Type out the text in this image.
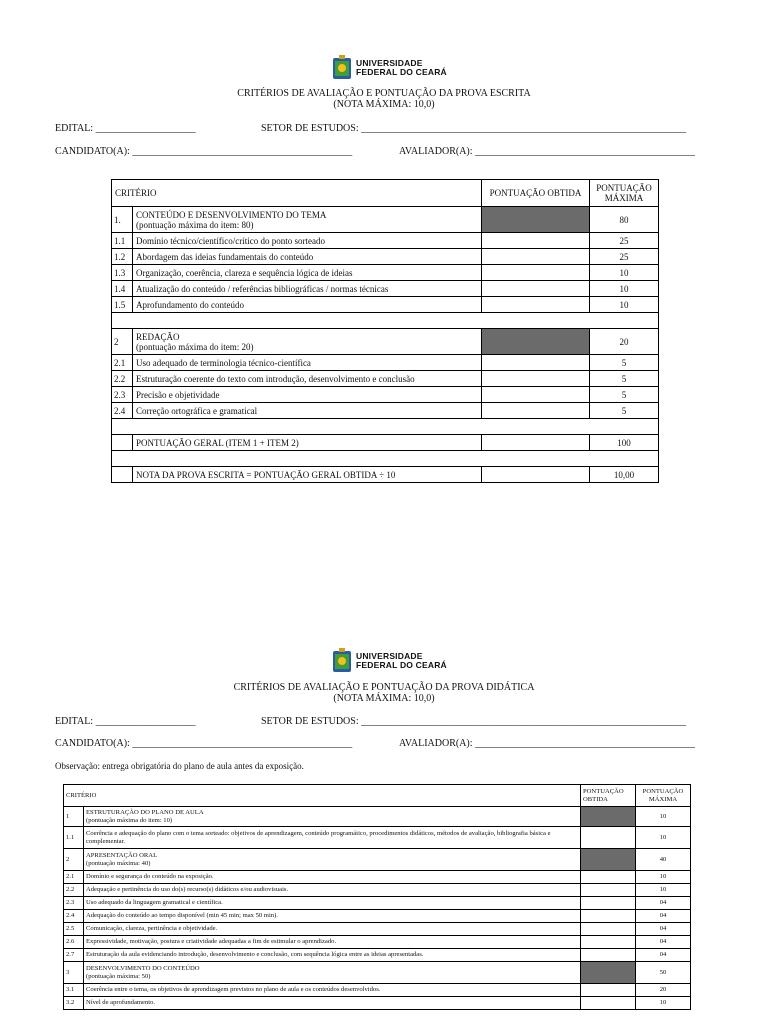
UNIVERSIDADE
FEDERAL DO CEARÁ
CRITÉRIOS DE AVALIAÇÃO E PONTUAÇÃO DA PROVA ESCRITA
(NOTA MÁXIMA: 10,0)
EDITAL: ____________________	SETOR DE ESTUDOS: _________________________________________________________________
CANDIDATO(A): ____________________________________________	AVALIADOR(A): ____________________________________________
CRITÉRIO		PONTUAÇÃO OBTIDA	PONTUAÇÃO
MÁXIMA
1.	CONTEÚDO E DESENVOLVIMENTO DO TEMA
(pontuação máxima do item: 80)		80
1.1	Domínio técnico/científico/crítico do ponto sorteado		25
1.2	Abordagem das ideias fundamentais do conteúdo		25
1.3	Organização, coerência, clareza e sequência lógica de ideias		10
1.4	Atualização do conteúdo / referências bibliográficas / normas técnicas		10
1.5	Aprofundamento do conteúdo		10

2	REDAÇÃO
(pontuação máxima do item: 20)		20
2.1	Uso adequado de terminologia técnico-científica		5
2.2	Estruturação coerente do texto com introdução, desenvolvimento e conclusão		5
2.3	Precisão e objetividade		5
2.4	Correção ortográfica e gramatical		5

	PONTUAÇÃO GERAL (ITEM 1 + ITEM 2)		100

	NOTA DA PROVA ESCRITA = PONTUAÇÃO GERAL OBTIDA ÷ 10		10,00
UNIVERSIDADE
FEDERAL DO CEARÁ
CRITÉRIOS DE AVALIAÇÃO E PONTUAÇÃO DA PROVA DIDÁTICA
(NOTA MÁXIMA: 10,0)
EDITAL: ____________________	SETOR DE ESTUDOS: _________________________________________________________________
CANDIDATO(A): ____________________________________________	AVALIADOR(A): ____________________________________________
Observação: entrega obrigatória do plano de aula antes da exposição.
CRITÉRIO		PONTUAÇÃO
OBTIDA	PONTUAÇÃO
MÁXIMA
1	ESTRUTURAÇÃO DO PLANO DE AULA
(pontuação máxima do item: 10)		10
1.1	Coerência e adequação do plano com o tema sorteado: objetivos de aprendizagem, conteúdo programático, procedimentos didáticos, métodos de avaliação, bibliografia básica e complementar.		10
2	APRESENTAÇÃO ORAL
(pontuação máxima: 40)		40
2.1	Domínio e segurança do conteúdo na exposição.		10
2.2	Adequação e pertinência do uso do(s) recurso(s) didáticos e/ou audiovisuais.		10
2.3	Uso adequado da linguagem gramatical e científica.		04
2.4	Adequação do conteúdo ao tempo disponível (min 45 min; max 50 min).		04
2.5	Comunicação, clareza, pertinência e objetividade.		04
2.6	Expressividade, motivação, postura e criatividade adequadas a fim de estimular o aprendizado.		04
2.7	Estruturação da aula evidenciando introdução, desenvolvimento e conclusão, com sequência lógica entre as ideias apresentadas.		04
3	DESENVOLVIMENTO DO CONTEÚDO
(pontuação máxima: 50)		50
3.1	Coerência entre o tema, os objetivos de aprendizagem previstos no plano de aula e os conteúdos desenvolvidos.		20
3.2	Nível de aprofundamento.		10
